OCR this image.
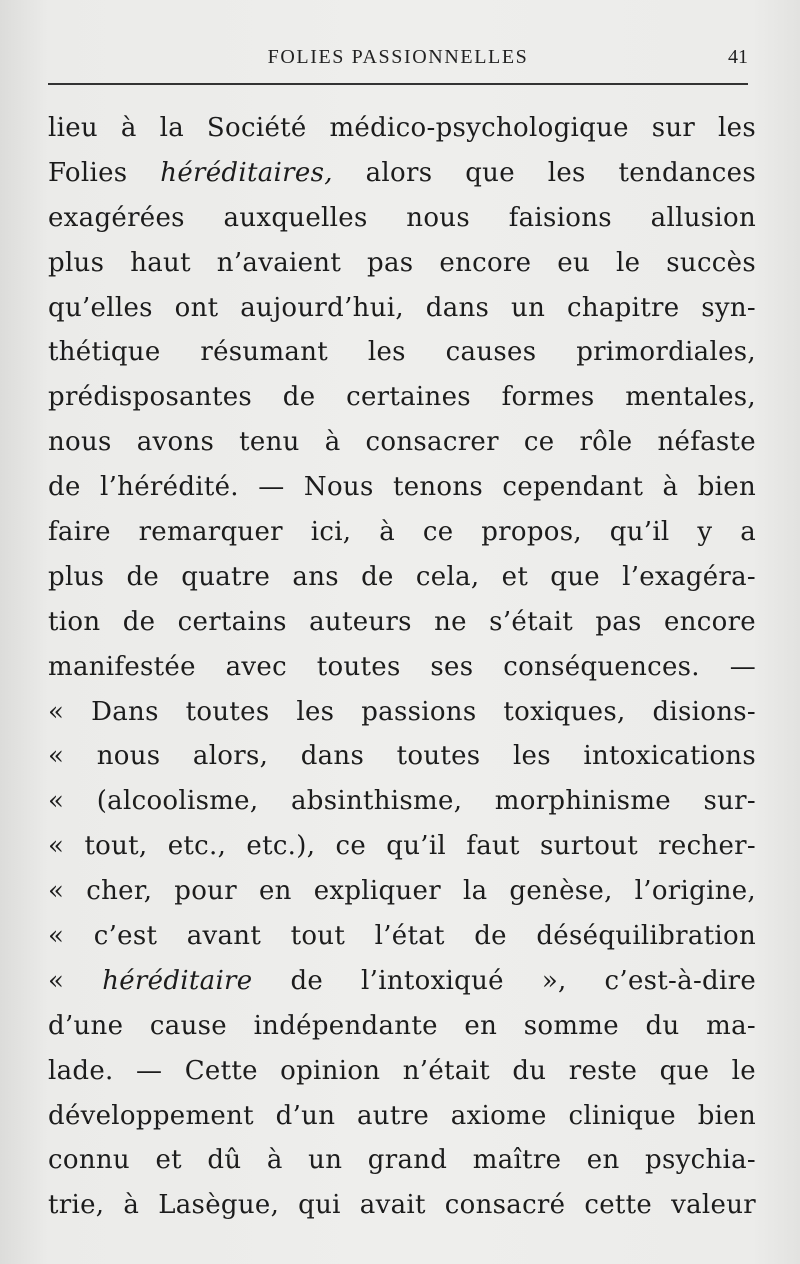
FOLIES PASSIONNELLES	41
lieu à la Société médico-psychologique sur les
Folies héréditaires, alors que les tendances
exagérées auxquelles nous faisions allusion
plus haut n’avaient pas encore eu le succès
qu’elles ont aujourd’hui, dans un chapitre syn-
thétique résumant les causes primordiales,
prédisposantes de certaines formes mentales,
nous avons tenu à consacrer ce rôle néfaste
de l’hérédité. — Nous tenons cependant à bien
faire remarquer ici, à ce propos, qu’il y a
plus de quatre ans de cela, et que l’exagéra-
tion de certains auteurs ne s’était pas encore
manifestée avec toutes ses conséquences. —
« Dans toutes les passions toxiques, disions-
« nous alors, dans toutes les intoxications
« (alcoolisme, absinthisme, morphinisme sur-
« tout, etc., etc.), ce qu’il faut surtout recher-
« cher, pour en expliquer la genèse, l’origine,
« c’est avant tout l’état de déséquilibration
« héréditaire de l’intoxiqué », c’est-à-dire
d’une cause indépendante en somme du ma-
lade. — Cette opinion n’était du reste que le
développement d’un autre axiome clinique bien
connu et dû à un grand maître en psychia-
trie, à Lasègue, qui avait consacré cette valeur
